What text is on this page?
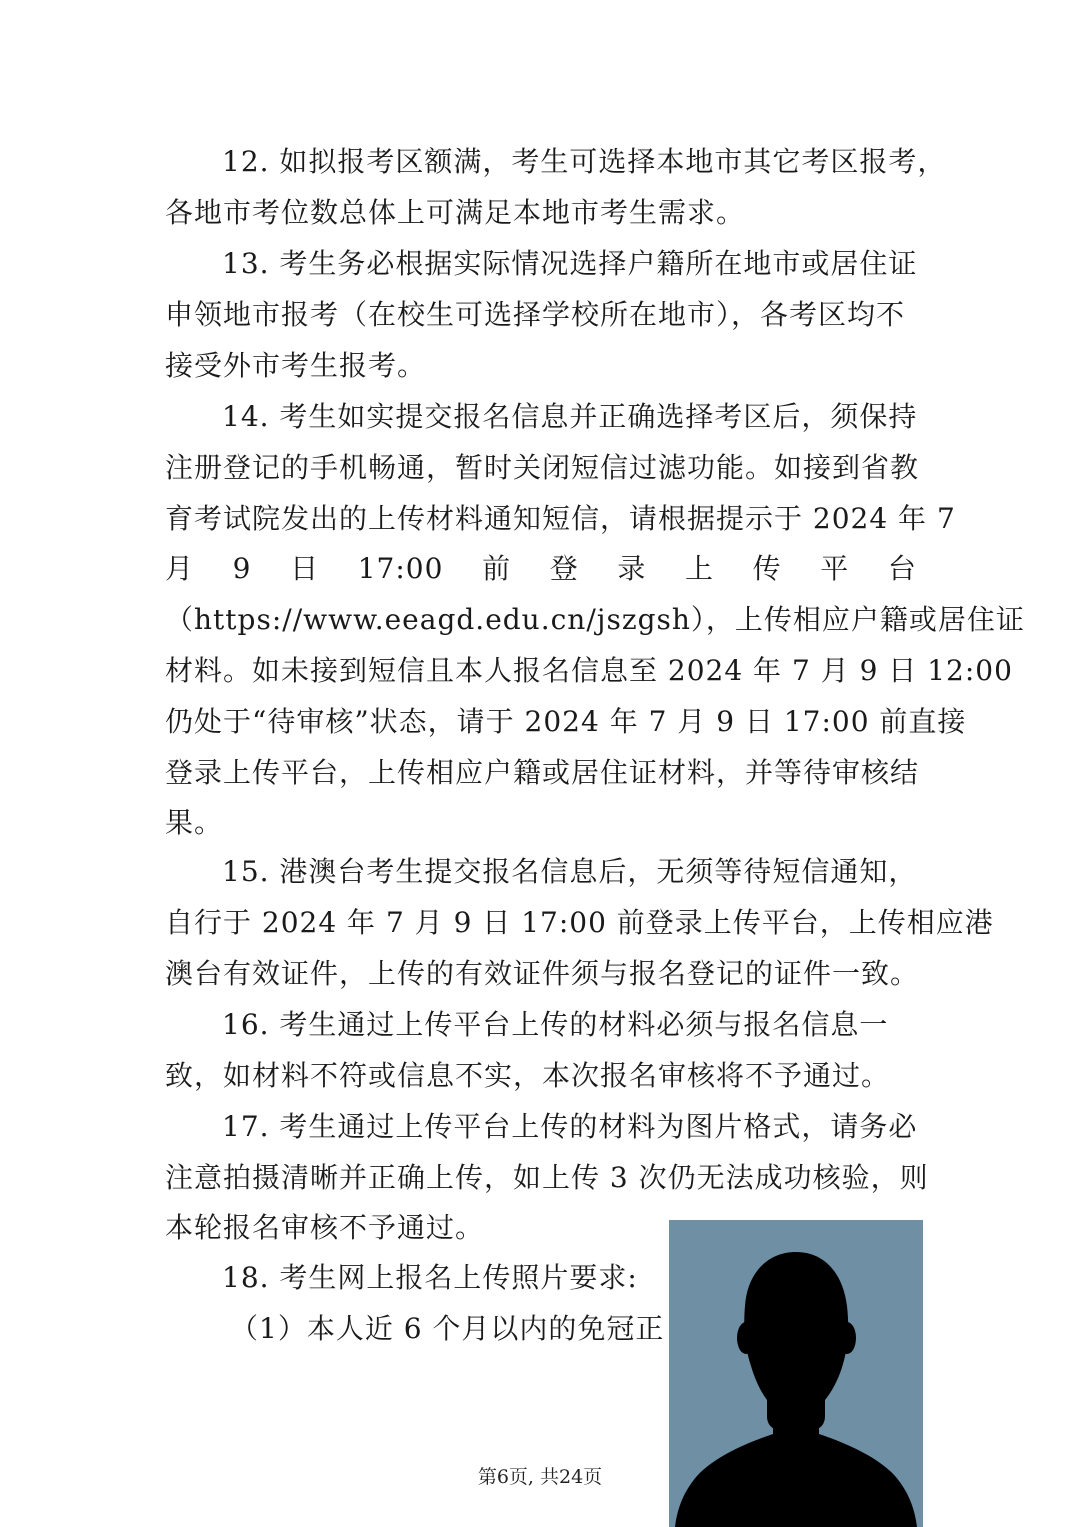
12. 如拟报考区额满，考生可选择本地市其它考区报考，
各地市考位数总体上可满足本地市考生需求。
13. 考生务必根据实际情况选择户籍所在地市或居住证
申领地市报考（在校生可选择学校所在地市），各考区均不
接受外市考生报考。
14. 考生如实提交报名信息并正确选择考区后，须保持
注册登记的手机畅通，暂时关闭短信过滤功能。如接到省教
育考试院发出的上传材料通知短信，请根据提示于 2024 年 7
月 9 日 17:00 前 登 录 上 传 平 台
（https://www.eeagd.edu.cn/jszgsh），上传相应户籍或居住证
材料。如未接到短信且本人报名信息至 2024 年 7 月 9 日 12:00
仍处于“待审核”状态，请于 2024 年 7 月 9 日 17:00 前直接
登录上传平台，上传相应户籍或居住证材料，并等待审核结
果。
15. 港澳台考生提交报名信息后，无须等待短信通知，
自行于 2024 年 7 月 9 日 17:00 前登录上传平台，上传相应港
澳台有效证件，上传的有效证件须与报名登记的证件一致。
16. 考生通过上传平台上传的材料必须与报名信息一
致，如材料不符或信息不实，本次报名审核将不予通过。
17. 考生通过上传平台上传的材料为图片格式，请务必
注意拍摄清晰并正确上传，如上传 3 次仍无法成功核验，则
本轮报名审核不予通过。
18. 考生网上报名上传照片要求:
（1）本人近 6 个月以内的免冠正
第6页, 共24页
